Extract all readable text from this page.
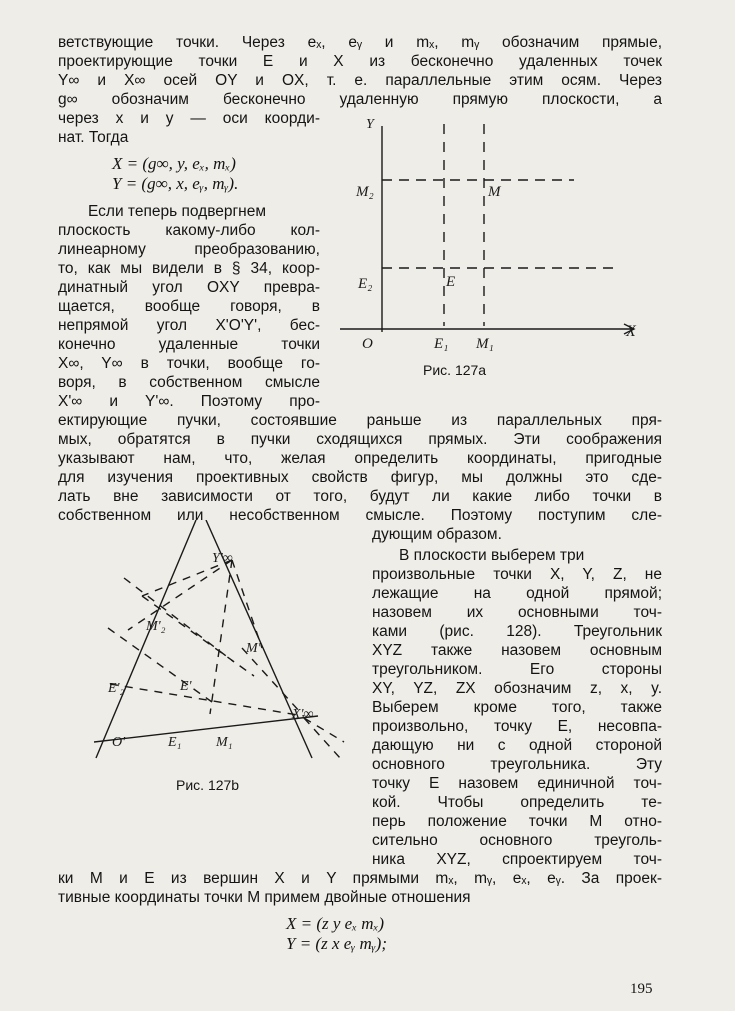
ветствующие точки. Через eₓ, eᵧ и mₓ, mᵧ обозначим прямые,
проектирующие точки E и X из бесконечно удаленных точек
Y∞ и X∞ осей OY и OX, т. е. параллельные этим осям. Через
g∞ обозначим бесконечно удаленную прямую плоскости, а
через x и y — оси коорди-
нат. Тогда
X = (g∞, y, eₓ, mₓ)
Y = (g∞, x, eᵧ, mᵧ).
Если теперь подвергнем
плоскость какому-либо кол-
линеарному преобразованию,
то, как мы видели в § 34, коор-
динатный угол OXY превра-
щается, вообще говоря, в
непрямой угол X'O'Y', бес-
конечно удаленные точки
X∞, Y∞ в точки, вообще го-
воря, в собственном смысле
X'∞ и Y'∞. Поэтому про-
ектирующие пучки, состоявшие раньше из параллельных пря-
мых, обратятся в пучки сходящихся прямых. Эти соображения
указывают нам, что, желая определить координаты, пригодные
для изучения проективных свойств фигур, мы должны это сде-
лать вне зависимости от того, будут ли какие либо точки в
собственном или несобственном смысле. Поэтому поступим сле-
дующим образом.
В плоскости выберем три
произвольные точки X, Y, Z, не
лежащие на одной прямой;
назовем их основными точ-
ками (рис. 128). Треугольник
XYZ также назовем основным
треугольником. Его стороны
XY, YZ, ZX обозначим z, x, y.
Выберем кроме того, также
произвольно, точку E, несовпа-
дающую ни с одной стороной
основного треугольника. Эту
точку E назовем единичной точ-
кой. Чтобы определить те-
перь положение точки M отно-
сительно основного треуголь-
ника XYZ, спроектируем точ-
ки M и E из вершин X и Y прямыми mₓ, mᵧ, eₓ, eᵧ. За проек-
тивные координаты точки M примем двойные отношения
X = (z y eₓ mₓ)
Y = (z x eᵧ mᵧ);
195
Y
X
O
M₂	M
E₂	E
E₁ M₁
Рис. 127а
Y'∞
M'₂
M'
E'₂	E'
X'∞
O'	E₁ M₁
Рис. 127b
